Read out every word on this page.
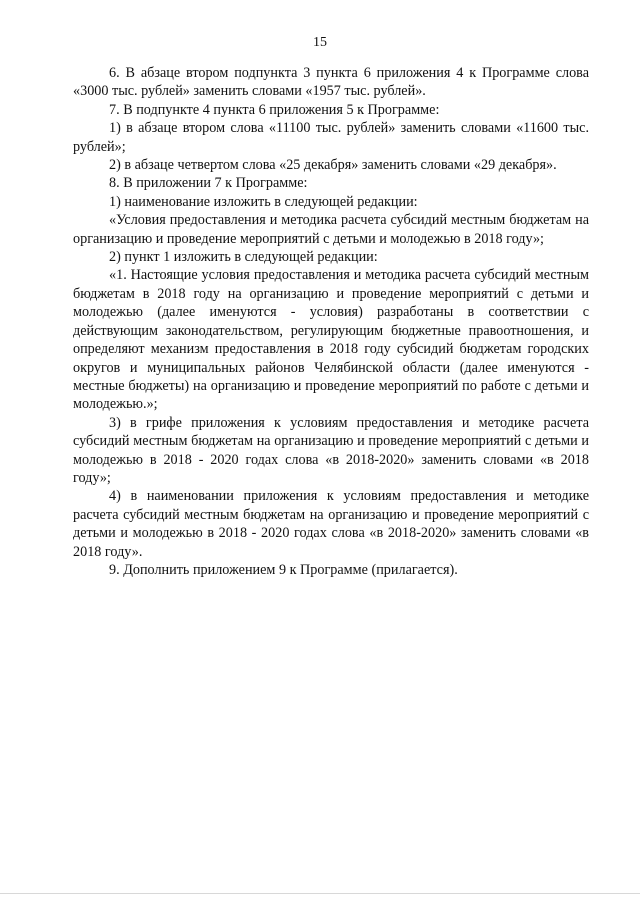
15

6. В абзаце втором подпункта 3 пункта 6 приложения 4 к Программе слова «3000 тыс. рублей» заменить словами «1957 тыс. рублей».

7. В подпункте 4 пункта 6 приложения 5 к Программе:

1) в абзаце втором слова «11100 тыс. рублей» заменить словами «11600 тыс. рублей»;

2) в абзаце четвертом слова «25 декабря» заменить словами «29 декабря».

8. В приложении 7 к Программе:

1) наименование изложить в следующей редакции:

«Условия предоставления и методика расчета субсидий местным бюджетам на организацию и проведение мероприятий с детьми и молодежью в 2018 году»;

2) пункт 1 изложить в следующей редакции:

«1. Настоящие условия предоставления и методика расчета субсидий местным бюджетам в 2018 году на организацию и проведение мероприятий с детьми и молодежью (далее именуются - условия) разработаны в соответствии с действующим законодательством, регулирующим бюджетные правоотношения, и определяют механизм предоставления в 2018 году субсидий бюджетам городских округов и муниципальных районов Челябинской области (далее именуются - местные бюджеты) на организацию и проведение мероприятий по работе с детьми и молодежью.»;

3) в грифе приложения к условиям предоставления и методике расчета субсидий местным бюджетам на организацию и проведение мероприятий с детьми и молодежью в 2018 - 2020 годах слова «в 2018-2020» заменить словами «в 2018 году»;

4) в наименовании приложения к условиям предоставления и методике расчета субсидий местным бюджетам на организацию и проведение мероприятий с детьми и молодежью в 2018 - 2020 годах слова «в 2018-2020» заменить словами «в 2018 году».

9. Дополнить приложением 9 к Программе (прилагается).
